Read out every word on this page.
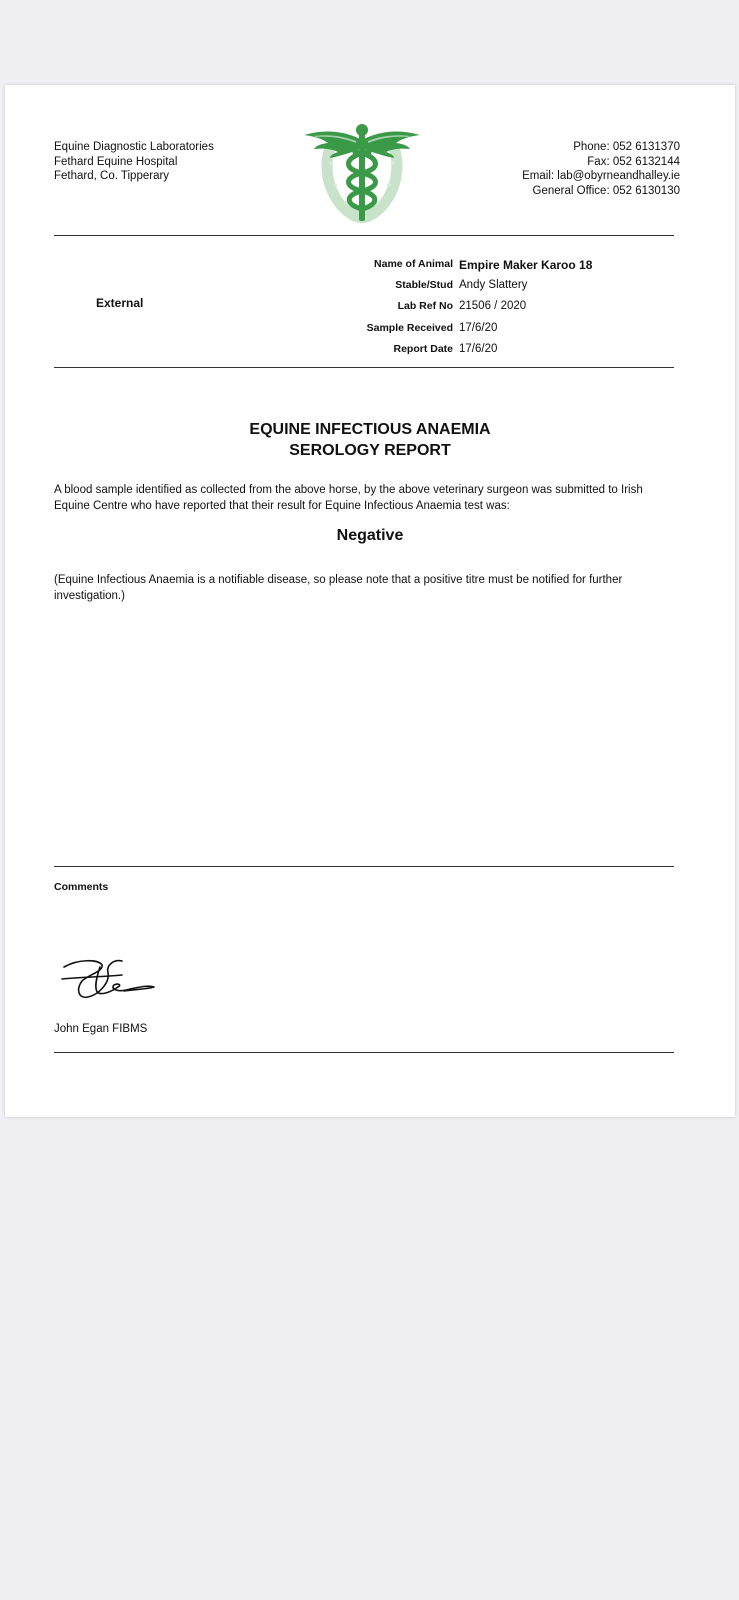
Equine Diagnostic Laboratories
Fethard Equine Hospital
Fethard, Co. Tipperary
Phone: 052 6131370
Fax: 052 6132144
Email: lab@obyrneandhalley.ie
General Office: 052 6130130
External
Name of Animal Empire Maker Karoo 18
Stable/Stud Andy Slattery
Lab Ref No 21506 / 2020
Sample Received 17/6/20
Report Date 17/6/20
EQUINE INFECTIOUS ANAEMIA
SEROLOGY REPORT
A blood sample identified as collected from the above horse, by the above veterinary surgeon was submitted to Irish Equine Centre who have reported that their result for Equine Infectious Anaemia test was:
Negative
(Equine Infectious Anaemia is a notifiable disease, so please note that a positive titre must be notified for further investigation.)
Comments
John Egan FIBMS
